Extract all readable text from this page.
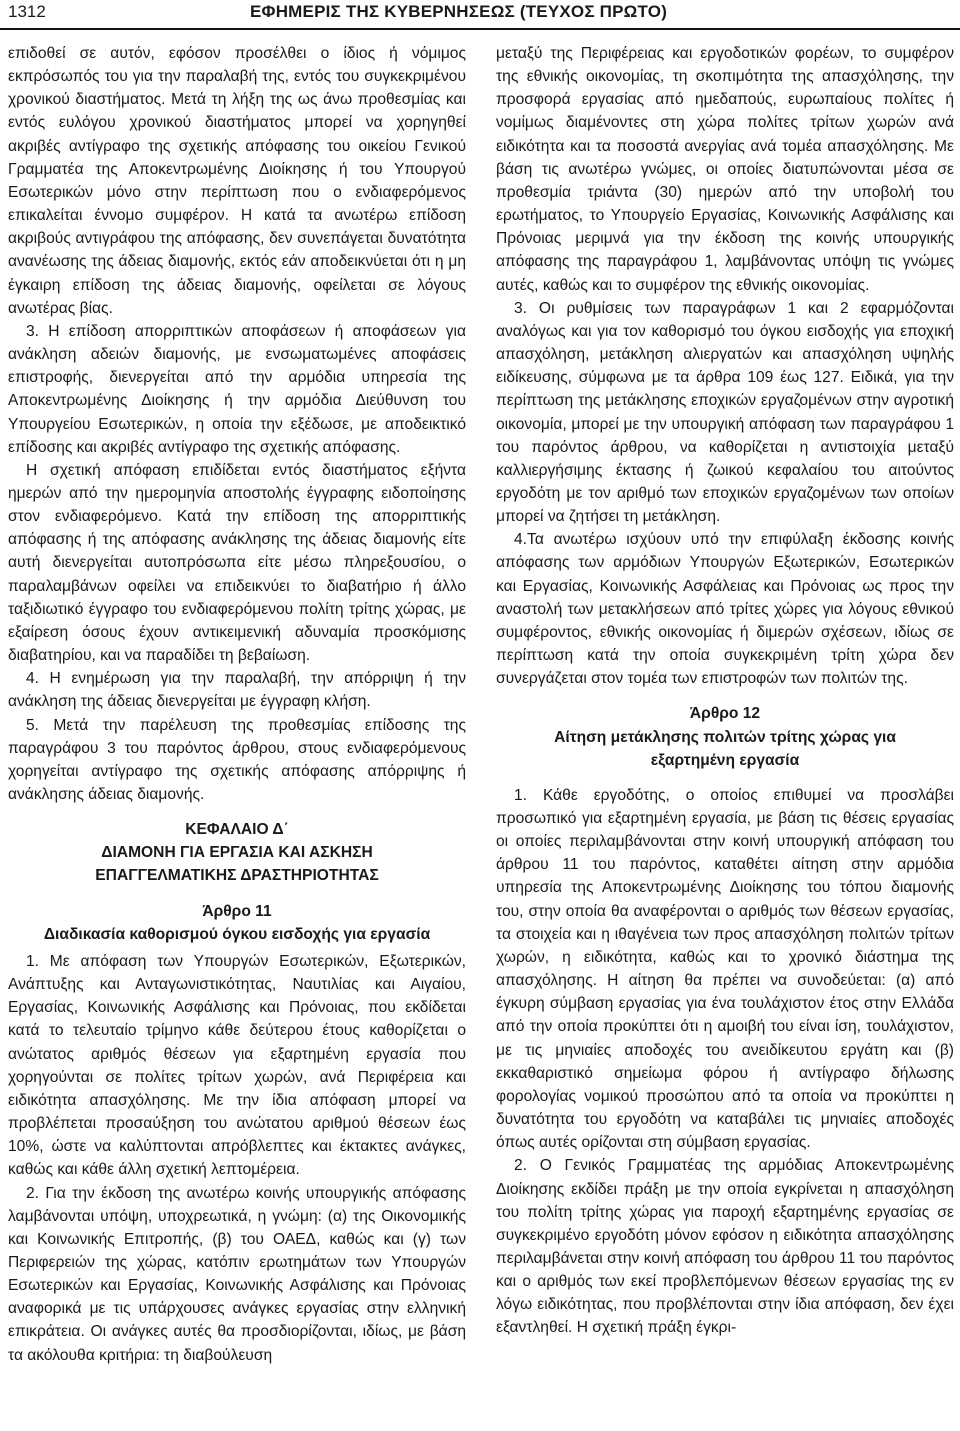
1312	ΕΦΗΜΕΡΙΣ ΤΗΣ ΚΥΒΕΡΝΗΣΕΩΣ (ΤΕΥΧΟΣ ΠΡΩΤΟ)

επιδοθεί σε αυτόν, εφόσον προσέλθει ο ίδιος ή νόμιμος εκπρόσωπός του για την παραλαβή της, εντός του συγκεκριμένου χρονικού διαστήματος. Μετά τη λήξη της ως άνω προθεσμίας και εντός ευλόγου χρονικού διαστήματος μπορεί να χορηγηθεί ακριβές αντίγραφο της σχετικής απόφασης του οικείου Γενικού Γραμματέα της Αποκεντρωμένης Διοίκησης ή του Υπουργού Εσωτερικών μόνο στην περίπτωση που ο ενδιαφερόμενος επικαλείται έννομο συμφέρον. Η κατά τα ανωτέρω επίδοση ακριβούς αντιγράφου της απόφασης, δεν συνεπάγεται δυνατότητα ανανέωσης της άδειας διαμονής, εκτός εάν αποδεικνύεται ότι η μη έγκαιρη επίδοση της άδειας διαμονής, οφείλεται σε λόγους ανωτέρας βίας.

3. Η επίδοση απορριπτικών αποφάσεων ή αποφάσεων για ανάκληση αδειών διαμονής, με ενσωματωμένες αποφάσεις επιστροφής, διενεργείται από την αρμόδια υπηρεσία της Αποκεντρωμένης Διοίκησης ή την αρμόδια Διεύθυνση του Υπουργείου Εσωτερικών, η οποία την εξέδωσε, με αποδεικτικό επίδοσης και ακριβές αντίγραφο της σχετικής απόφασης.

Η σχετική απόφαση επιδίδεται εντός διαστήματος εξήντα ημερών από την ημερομηνία αποστολής έγγραφης ειδοποίησης στον ενδιαφερόμενο. Κατά την επίδοση της απορριπτικής απόφασης ή της απόφασης ανάκλησης της άδειας διαμονής είτε αυτή διενεργείται αυτοπρόσωπα είτε μέσω πληρεξουσίου, ο παραλαμβάνων οφείλει να επιδεικνύει το διαβατήριο ή άλλο ταξιδιωτικό έγγραφο του ενδιαφερόμενου πολίτη τρίτης χώρας, με εξαίρεση όσους έχουν αντικειμενική αδυναμία προσκόμισης διαβατηρίου, και να παραδίδει τη βεβαίωση.

4. Η ενημέρωση για την παραλαβή, την απόρριψη ή την ανάκληση της άδειας διενεργείται με έγγραφη κλήση.

5. Μετά την παρέλευση της προθεσμίας επίδοσης της παραγράφου 3 του παρόντος άρθρου, στους ενδιαφερόμενους χορηγείται αντίγραφο της σχετικής απόφασης απόρριψης ή ανάκλησης άδειας διαμονής.

ΚΕΦΑΛΑΙΟ Δ΄

ΔΙΑΜΟΝΗ ΓΙΑ ΕΡΓΑΣΙΑ ΚΑΙ ΑΣΚΗΣΗ

ΕΠΑΓΓΕΛΜΑΤΙΚΗΣ ΔΡΑΣΤΗΡΙΟΤΗΤΑΣ

Άρθρο 11

Διαδικασία καθορισμού όγκου εισδοχής για εργασία

1. Με απόφαση των Υπουργών Εσωτερικών, Εξωτερικών, Ανάπτυξης και Ανταγωνιστικότητας, Ναυτιλίας και Αιγαίου, Εργασίας, Κοινωνικής Ασφάλισης και Πρόνοιας, που εκδίδεται κατά το τελευταίο τρίμηνο κάθε δεύτερου έτους καθορίζεται ο ανώτατος αριθμός θέσεων για εξαρτημένη εργασία που χορηγούνται σε πολίτες τρίτων χωρών, ανά Περιφέρεια και ειδικότητα απασχόλησης. Με την ίδια απόφαση μπορεί να προβλέπεται προσαύξηση του ανώτατου αριθμού θέσεων έως 10%, ώστε να καλύπτονται απρόβλεπτες και έκτακτες ανάγκες, καθώς και κάθε άλλη σχετική λεπτομέρεια.

2. Για την έκδοση της ανωτέρω κοινής υπουργικής απόφασης λαμβάνονται υπόψη, υποχρεωτικά, η γνώμη: (α) της Οικονομικής και Κοινωνικής Επιτροπής, (β) του ΟΑΕΔ, καθώς και (γ) των Περιφερειών της χώρας, κατόπιν ερωτημάτων των Υπουργών Εσωτερικών και Εργασίας, Κοινωνικής Ασφάλισης και Πρόνοιας αναφορικά με τις υπάρχουσες ανάγκες εργασίας στην ελληνική επικράτεια. Οι ανάγκες αυτές θα προσδιορίζονται, ιδίως, με βάση τα ακόλουθα κριτήρια: τη διαβούλευση

μεταξύ της Περιφέρειας και εργοδοτικών φορέων, το συμφέρον της εθνικής οικονομίας, τη σκοπιμότητα της απασχόλησης, την προσφορά εργασίας από ημεδαπούς, ευρωπαίους πολίτες ή νομίμως διαμένοντες στη χώρα πολίτες τρίτων χωρών ανά ειδικότητα και τα ποσοστά ανεργίας ανά τομέα απασχόλησης. Με βάση τις ανωτέρω γνώμες, οι οποίες διατυπώνονται μέσα σε προθεσμία τριάντα (30) ημερών από την υποβολή του ερωτήματος, το Υπουργείο Εργασίας, Κοινωνικής Ασφάλισης και Πρόνοιας μεριμνά για την έκδοση της κοινής υπουργικής απόφασης της παραγράφου 1, λαμβάνοντας υπόψη τις γνώμες αυτές, καθώς και το συμφέρον της εθνικής οικονομίας.

3. Οι ρυθμίσεις των παραγράφων 1 και 2 εφαρμόζονται αναλόγως και για τον καθορισμό του όγκου εισδοχής για εποχική απασχόληση, μετάκληση αλιεργατών και απασχόληση υψηλής ειδίκευσης, σύμφωνα με τα άρθρα 109 έως 127. Ειδικά, για την περίπτωση της μετάκλησης εποχικών εργαζομένων στην αγροτική οικονομία, μπορεί με την υπουργική απόφαση των παραγράφου 1 του παρόντος άρθρου, να καθορίζεται η αντιστοιχία μεταξύ καλλιεργήσιμης έκτασης ή ζωικού κεφαλαίου του αιτούντος εργοδότη με τον αριθμό των εποχικών εργαζομένων των οποίων μπορεί να ζητήσει τη μετάκληση.

4.Τα ανωτέρω ισχύουν υπό την επιφύλαξη έκδοσης κοινής απόφασης των αρμόδιων Υπουργών Εξωτερικών, Εσωτερικών και Εργασίας, Κοινωνικής Ασφάλειας και Πρόνοιας ως προς την αναστολή των μετακλήσεων από τρίτες χώρες για λόγους εθνικού συμφέροντος, εθνικής οικονομίας ή διμερών σχέσεων, ιδίως σε περίπτωση κατά την οποία συγκεκριμένη τρίτη χώρα δεν συνεργάζεται στον τομέα των επιστροφών των πολιτών της.

Άρθρο 12

Αίτηση μετάκλησης πολιτών τρίτης χώρας για

εξαρτημένη εργασία

1. Κάθε εργοδότης, ο οποίος επιθυμεί να προσλάβει προσωπικό για εξαρτημένη εργασία, με βάση τις θέσεις εργασίας οι οποίες περιλαμβάνονται στην κοινή υπουργική απόφαση του άρθρου 11 του παρόντος, καταθέτει αίτηση στην αρμόδια υπηρεσία της Αποκεντρωμένης Διοίκησης του τόπου διαμονής του, στην οποία θα αναφέρονται ο αριθμός των θέσεων εργασίας, τα στοιχεία και η ιθαγένεια των προς απασχόληση πολιτών τρίτων χωρών, η ειδικότητα, καθώς και το χρονικό διάστημα της απασχόλησης. Η αίτηση θα πρέπει να συνοδεύεται: (α) από έγκυρη σύμβαση εργασίας για ένα τουλάχιστον έτος στην Ελλάδα από την οποία προκύπτει ότι η αμοιβή του είναι ίση, τουλάχιστον, με τις μηνιαίες αποδοχές του ανειδίκευτου εργάτη και (β) εκκαθαριστικό σημείωμα φόρου ή αντίγραφο δήλωσης φορολογίας νομικού προσώπου από τα οποία να προκύπτει η δυνατότητα του εργοδότη να καταβάλει τις μηνιαίες αποδοχές όπως αυτές ορίζονται στη σύμβαση εργασίας.

2. Ο Γενικός Γραμματέας της αρμόδιας Αποκεντρωμένης Διοίκησης εκδίδει πράξη με την οποία εγκρίνεται η απασχόληση του πολίτη τρίτης χώρας για παροχή εξαρτημένης εργασίας σε συγκεκριμένο εργοδότη μόνον εφόσον η ειδικότητα απασχόλησης περιλαμβάνεται στην κοινή απόφαση του άρθρου 11 του παρόντος και ο αριθμός των εκεί προβλεπόμενων θέσεων εργασίας της εν λόγω ειδικότητας, που προβλέπονται στην ίδια απόφαση, δεν έχει εξαντληθεί. Η σχετική πράξη έγκρι-
